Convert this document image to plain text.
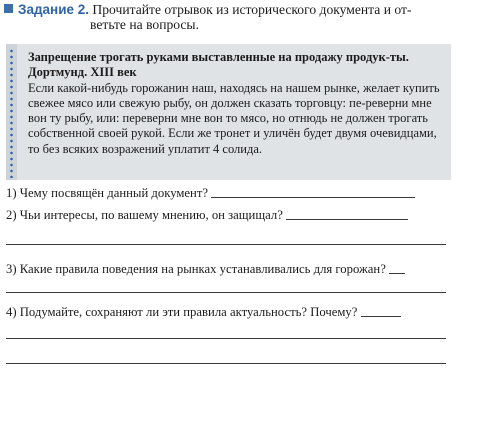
Задание 2. Прочитайте отрывок из исторического документа и от-
ветьте на вопросы.
Запрещение трогать руками выставленные на продажу продук-ты. Дортмунд. XIII век
Если какой-нибудь горожанин наш, находясь на нашем рынке, желает купить свежее мясо или свежую рыбу, он должен сказать торговцу: пе-реверни мне вон ту рыбу, или: переверни мне вон то мясо, но отнюдь не должен трогать собственной своей рукой. Если же тронет и уличён будет двумя очевидцами, то без всяких возражений уплатит 4 солида.
1) Чему посвящён данный документ?
2) Чьи интересы, по вашему мнению, он защищал?
3) Какие правила поведения на рынках устанавливались для горожан?
4) Подумайте, сохраняют ли эти правила актуальность? Почему?
